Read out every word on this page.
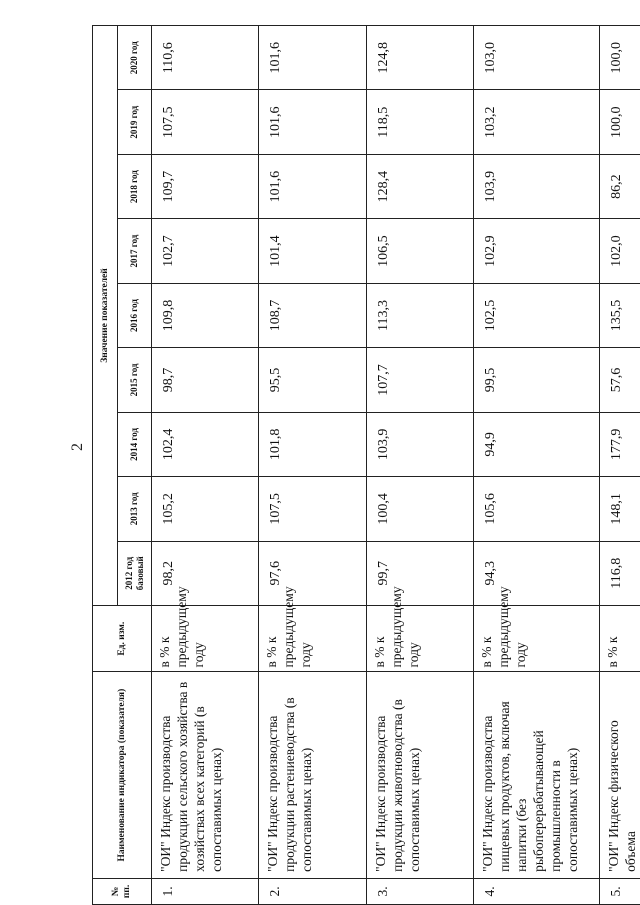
2
№ пп.	Наименование индикатора (показателя)	Ед. изм.	Значение показателей								
			2012 год базовый	2013 год	2014 год	2015 год	2016 год	2017 год	2018 год	2019 год	2020 год
1.	"ОИ" Индекс производства продукции сельского хозяйства в хозяйствах всех категорий (в сопоставимых ценах)	в % к предыдущему году	98,2	105,2	102,4	98,7	109,8	102,7	109,7	107,5	110,6
2.	"ОИ" Индекс производства продукции растениеводства (в сопоставимых ценах)	в % к предыдущему году	97,6	107,5	101,8	95,5	108,7	101,4	101,6	101,6	101,6
3.	"ОИ" Индекс производства продукции животноводства (в сопоставимых ценах)	в % к предыдущему году	99,7	100,4	103,9	107,7	113,3	106,5	128,4	118,5	124,8
4.	"ОИ" Индекс производства пищевых продуктов, включая напитки (без рыбоперерабатывающей промышленности в сопоставимых ценах)	в % к предыдущему году	94,3	105,6	94,9	99,5	102,5	102,9	103,9	103,2	103,0
5.	"ОИ" Индекс физического объема	в % к	116,8	148,1	177,9	57,6	135,5	102,0	86,2	100,0	100,0
